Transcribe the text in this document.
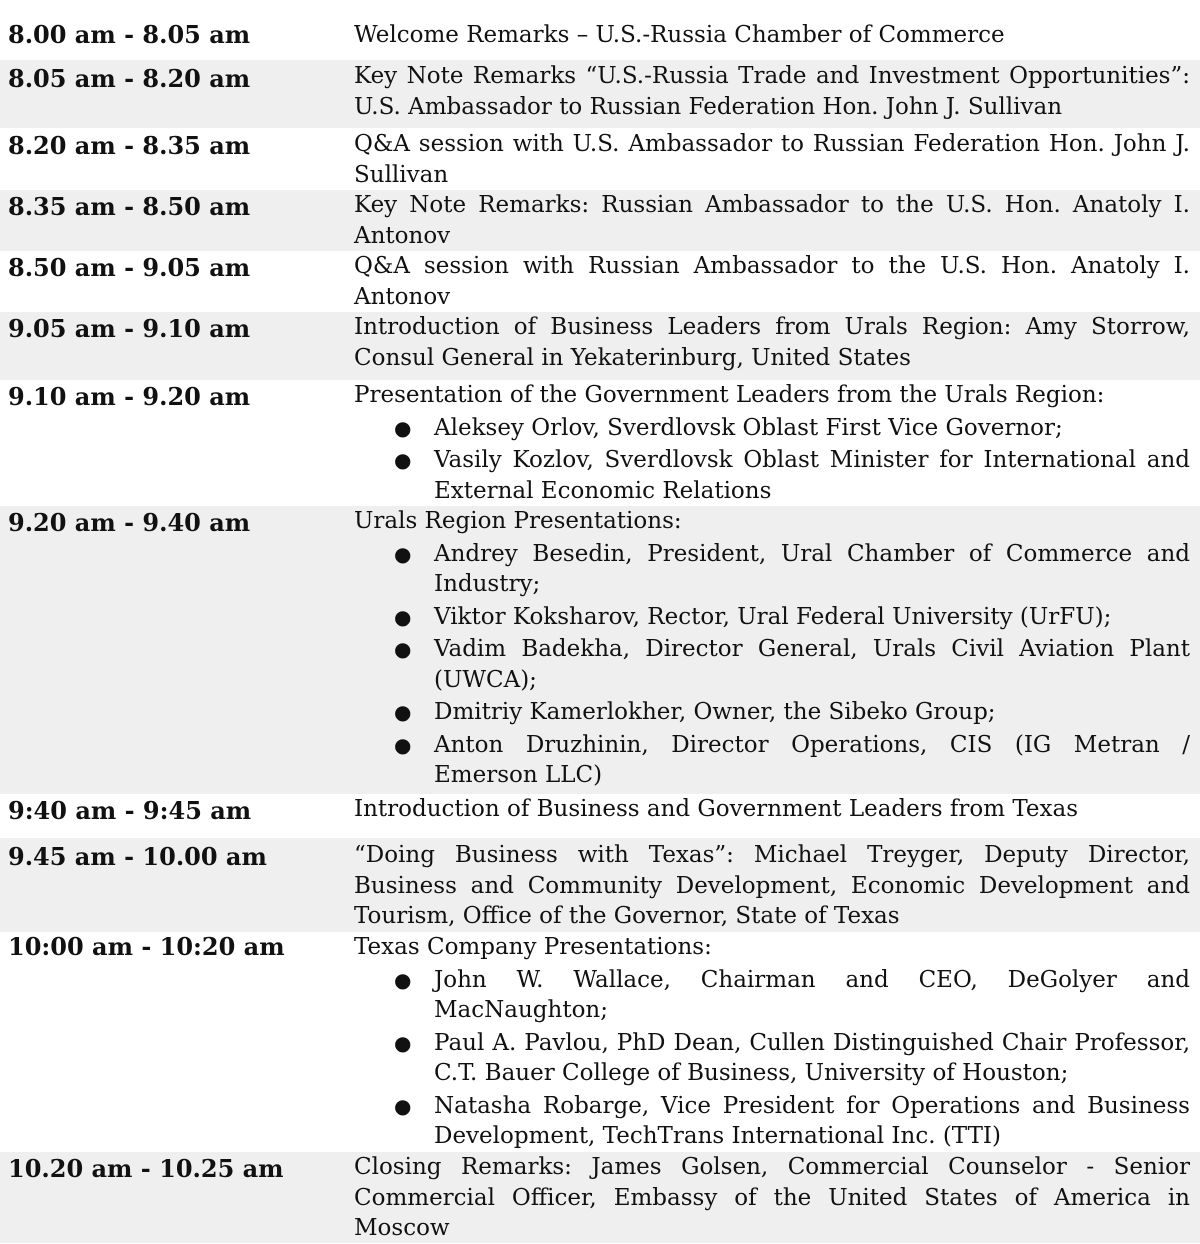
8.00 am - 8.05 am	Welcome Remarks – U.S.-Russia Chamber of Commerce
8.05 am - 8.20 am	Key Note Remarks “U.S.-Russia Trade and Investment Opportunities”: U.S. Ambassador to Russian Federation Hon. John J. Sullivan
8.20 am - 8.35 am	Q&A session with U.S. Ambassador to Russian Federation Hon. John J. Sullivan
8.35 am - 8.50 am	Key Note Remarks: Russian Ambassador to the U.S. Hon. Anatoly I. Antonov
8.50 am - 9.05 am	Q&A session with Russian Ambassador to the U.S. Hon. Anatoly I. Antonov
9.05 am - 9.10 am	Introduction of Business Leaders from Urals Region: Amy Storrow, Consul General in Yekaterinburg, United States
9.10 am - 9.20 am	Presentation of the Government Leaders from the Urals Region:
● Aleksey Orlov, Sverdlovsk Oblast First Vice Governor;
● Vasily Kozlov, Sverdlovsk Oblast Minister for International and External Economic Relations
9.20 am - 9.40 am	Urals Region Presentations:
● Andrey Besedin, President, Ural Chamber of Commerce and Industry;
● Viktor Koksharov, Rector, Ural Federal University (UrFU);
● Vadim Badekha, Director General, Urals Civil Aviation Plant (UWCA);
● Dmitriy Kamerlokher, Owner, the Sibeko Group;
● Anton Druzhinin, Director Operations, CIS (IG Metran / Emerson LLC)
9:40 am - 9:45 am	Introduction of Business and Government Leaders from Texas
9.45 am - 10.00 am	“Doing Business with Texas”: Michael Treyger, Deputy Director, Business and Community Development, Economic Development and Tourism, Office of the Governor, State of Texas
10:00 am - 10:20 am	Texas Company Presentations:
● John W. Wallace, Chairman and CEO, DeGolyer and MacNaughton;
● Paul A. Pavlou, PhD Dean, Cullen Distinguished Chair Professor, C.T. Bauer College of Business, University of Houston;
● Natasha Robarge, Vice President for Operations and Business Development, TechTrans International Inc. (TTI)
10.20 am - 10.25 am	Closing Remarks: James Golsen, Commercial Counselor - Senior Commercial Officer, Embassy of the United States of America in Moscow
